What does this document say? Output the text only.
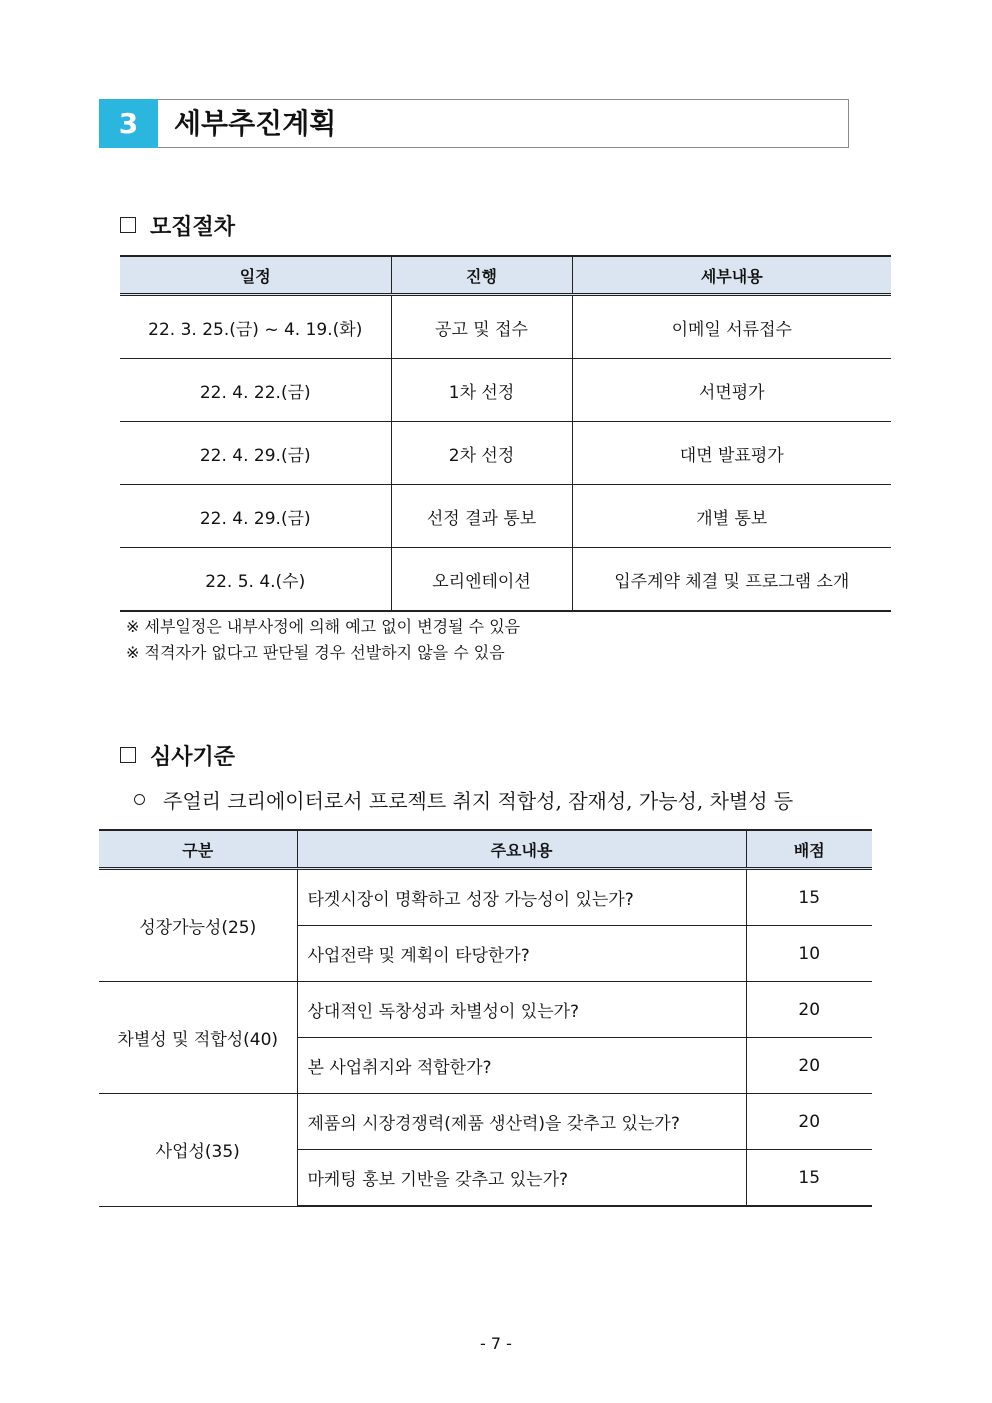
3	세부추진계획
모집절차
일정	진행	세부내용
22. 3. 25.(금) ~ 4. 19.(화)	공고 및 접수	이메일 서류접수
22. 4. 22.(금)	1차 선정	서면평가
22. 4. 29.(금)	2차 선정	대면 발표평가
22. 4. 29.(금)	선정 결과 통보	개별 통보
22. 5. 4.(수)	오리엔테이션	입주계약 체결 및 프로그램 소개
※ 세부일정은 내부사정에 의해 예고 없이 변경될 수 있음
※ 적격자가 없다고 판단될 경우 선발하지 않을 수 있음
심사기준
주얼리 크리에이터로서 프로젝트 취지 적합성, 잠재성, 가능성, 차별성 등
구분	주요내용	배점
성장가능성(25)	타겟시장이 명확하고 성장 가능성이 있는가?	15
	사업전략 및 계획이 타당한가?	10
차별성 및 적합성(40)	상대적인 독창성과 차별성이 있는가?	20
	본 사업취지와 적합한가?	20
사업성(35)	제품의 시장경쟁력(제품 생산력)을 갖추고 있는가?	20
	마케팅 홍보 기반을 갖추고 있는가?	15
- 7 -
